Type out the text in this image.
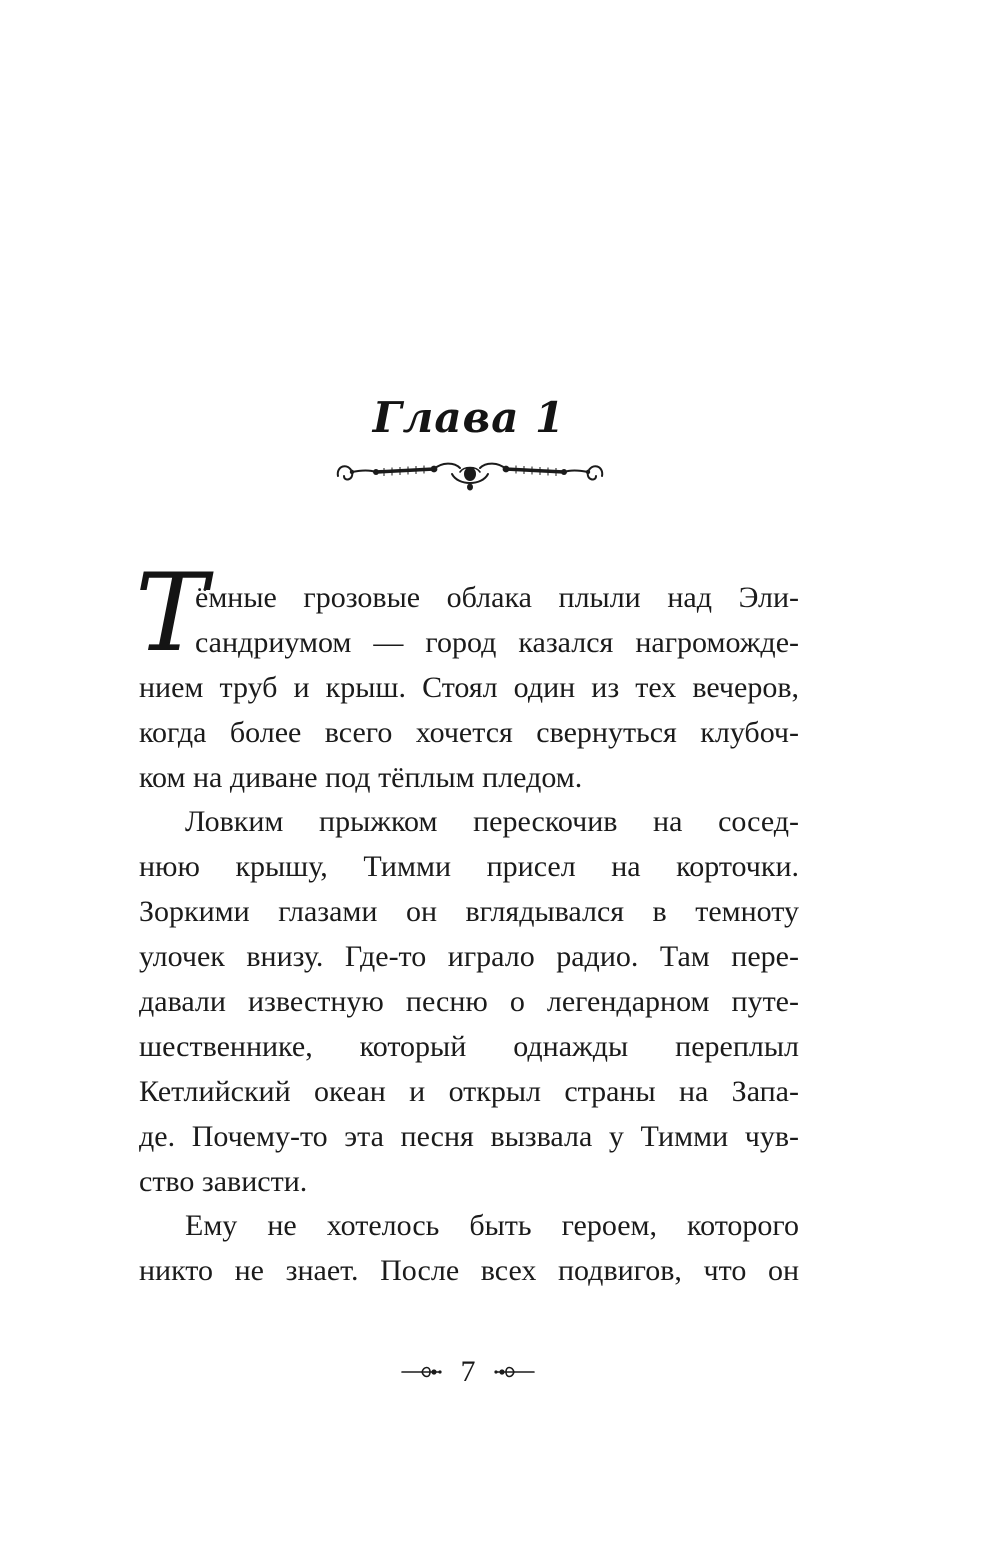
Глава 1
Т
ёмные грозовые облака плыли над Эли-
сандриумом — город казался нагроможде-
нием труб и крыш. Стоял один из тех вечеров,
когда более всего хочется свернуться клубоч-
ком на диване под тёплым пледом.
Ловким прыжком перескочив на сосед-
нюю крышу, Тимми присел на корточки.
Зоркими глазами он вглядывался в темноту
улочек внизу. Где-то играло радио. Там пере-
давали известную песню о легендарном путе-
шественнике, который однажды переплыл
Кетлийский океан и открыл страны на Запа-
де. Почему-то эта песня вызвала у Тимми чув-
ство зависти.
Ему не хотелось быть героем, которого
никто не знает. После всех подвигов, что он
7
